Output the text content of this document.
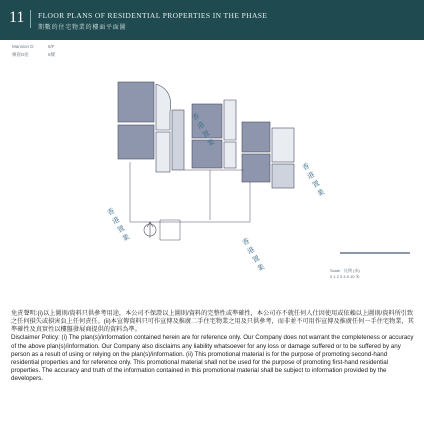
11 FLOOR PLANS OF RESIDENTIAL PROPERTIES IN THE PHASE
期數的住宅物業的樓面平面圖
Mansion D	6/F
棟座D座	6樓
香港置業
香港置業
香港置業	香港置業	Scale：比例 (米)
0 1 2 3 4 5 10 米

免責聲明:(i)以上圖則/資料只供參考用途，本公司不保證以上圖則/資料的完整性或準確性，本公司亦不就任何人仕因使用或依賴以上圖則/資料所引致之任何損失或損害負上任何責任。(ii)本宣傳資料只可作宣傳及推廣二手住宅物業之用及只供參考，而非並不可用作宣傳及推廣任何一手住宅物業，其準確性及真實性以樓盤發展商提供的資料為準。

Disclaimer Policy: (i) The plan(s)/information contained herein are for reference only. Our Company does not warrant the completeness or accuracy of the above plan(s)/information. Our Company also disclaims any liability whatsoever for any loss or damage suffered or to be suffered by any person as a result of using or relying on the plan(s)/information. (ii) This promotional material is for the purpose of promoting second-hand residential properties and for reference only. This promotional material shall not be used for the purpose of promoting first-hand residential properties. The accuracy and truth of the information contained in this promotional material shall be subject to information provided by the developers.
